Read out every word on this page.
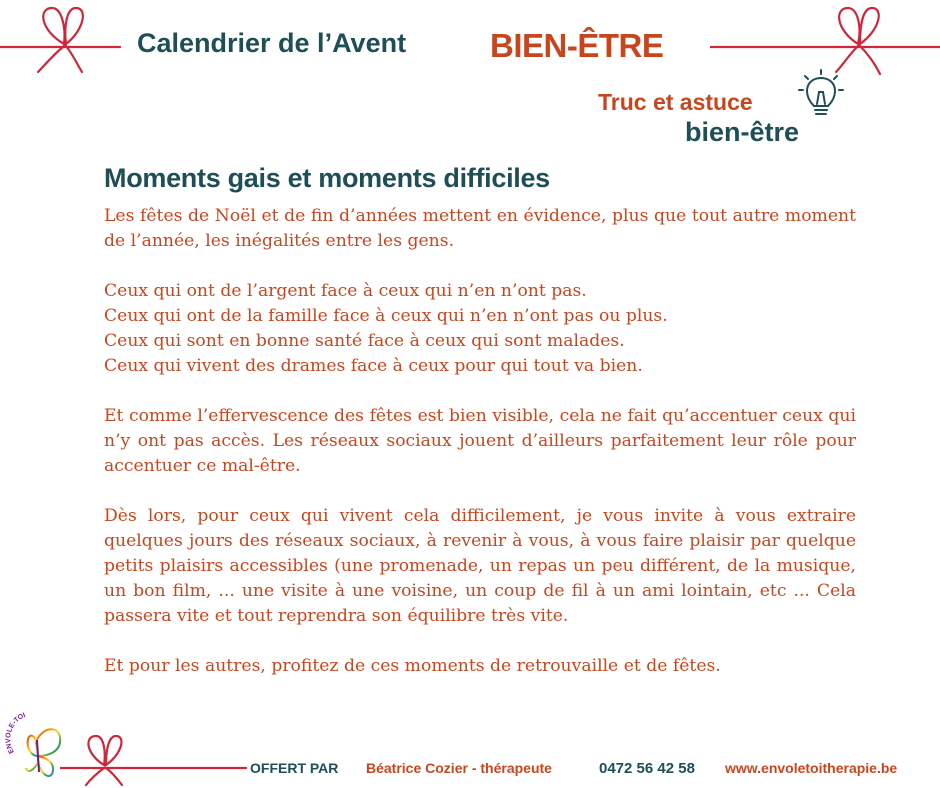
Calendrier de l’Avent	BIEN-ÊTRE
Truc et astuce
bien-être
Moments gais et moments difficiles

Les fêtes de Noël et de fin d’années mettent en évidence, plus que tout autre moment de l’année, les inégalités entre les gens.

Ceux qui ont de l’argent face à ceux qui n’en n’ont pas.
Ceux qui ont de la famille face à ceux qui n’en n’ont pas ou plus.
Ceux qui sont en bonne santé face à ceux qui sont malades.
Ceux qui vivent des drames face à ceux pour qui tout va bien.

Et comme l’effervescence des fêtes est bien visible, cela ne fait qu’accentuer ceux qui n’y ont pas accès. Les réseaux sociaux jouent d’ailleurs parfaitement leur rôle pour accentuer ce mal-être.

Dès lors, pour ceux qui vivent cela difficilement, je vous invite à vous extraire quelques jours des réseaux sociaux, à revenir à vous, à vous faire plaisir par quelque petits plaisirs accessibles (une promenade, un repas un peu différent, de la musique, un bon film, ... une visite à une voisine, un coup de fil à un ami lointain, etc ... Cela passera vite et tout reprendra son équilibre très vite.

Et pour les autres, profitez de ces moments de retrouvaille et de fêtes.

ENVOLE-TOI
OFFERT PAR Béatrice Cozier - thérapeute	0472 56 42 58 www.envoletoitherapie.be
